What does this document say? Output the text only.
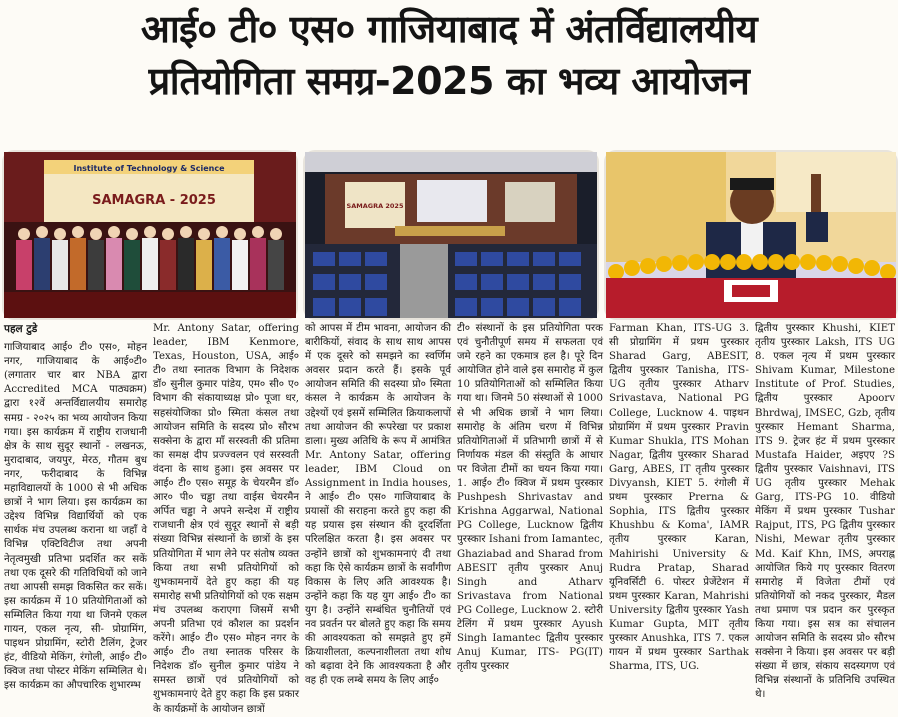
आई० टी० एस० गाजियाबाद में अंतर्विद्यालयीय
प्रतियोगिता समग्र-2025 का भव्य आयोजन
Institute of Technology & Science
SAMAGRA - 2025	SAMAGRA 2025

पहल टुडे

गाजियाबाद आई० टी० एस०, मोहन नगर, गाजियाबाद के आई०टी० (लगातार चार बार NBA द्वारा Accredited MCA पाठ्यक्रम) द्वारा १२वें अन्तर्विद्यालयीय समारोह समग्र - २०२५ का भव्य आयोजन किया गया। इस कार्यक्रम में राष्ट्रीय राजधानी क्षेत्र के साथ सुदूर स्थानों - लखनऊ, मुरादाबाद, जयपुर, मेरठ, गौतम बुध नगर, फरीदाबाद के विभिन्न महाविद्यालयों के 1000 से भी अधिक छात्रों ने भाग लिया। इस कार्यक्रम का उद्देश्य विभिन्न विद्यार्थियों को एक सार्थक मंच उपलब्ध कराना था जहाँ वे विभिन्न एक्टिविटीज तथा अपनी नेतृत्वमुखी प्रतिभा प्रदर्शित कर सकें तथा एक दूसरे की गतिविधियों को जाने तथा आपसी समझ विकसित कर सकें। इस कार्यक्रम में 10 प्रतियोगिताओं को सम्मिलित किया गया था जिनमे एकल गायन, एकल नृत्य, सी- प्रोग्रामिंग, पाइथन प्रोग्रामिंग, स्टोरी टैलिंग, ट्रेजर हंट, वीडियो मेकिंग, रंगोली, आई० टी० क्विज तथा पोस्टर मेकिंग सम्मिलित थे। इस कार्यक्रम का औपचारिक शुभारम्भ

Mr. Antony Satar, offering leader, IBM Kenmore, Texas, Houston, USA, आई० टी० तथा स्नातक विभाग के निदेशक डॉ० सुनील कुमार पांडेय, एम० सी० ए० विभाग की संकायाध्यक्ष प्रो० पूजा धर, सहसंयोजिका प्रो० स्मिता कंसल तथा आयोजन समिति के सदस्य प्रो० सौरभ सक्सेना के द्वारा माँ सरस्वती की प्रतिमा का समक्ष दीप प्रज्ज्वलन एवं सरस्वती वंदना के साथ हुआ। इस अवसर पर आई० टी० एस० समूह के चेयरमैन डॉ० आर० पी० चड्ढा तथा वाईस चेयरमैन अर्पित चड्ढा ने अपने सन्देश में राष्ट्रीय राजधानी क्षेत्र एवं सुदूर स्थानों से बड़ी संख्या विभिन्न संस्थानों के छात्रों के इस प्रतियोगिता में भाग लेने पर संतोष व्यक्त किया तथा सभी प्रतियोगियों को शुभकामनायें देते हुए कहा की यह समारोह सभी प्रतियोगियों को एक सक्षम मंच उपलब्ध कराएगा जिसमें सभी अपनी प्रतिभा एवं कौशल का प्रदर्शन करेंगे। आई० टी० एस० मोहन नगर के आई० टी० तथा स्नातक परिसर के निदेशक डॉ० सुनील कुमार पांडेय ने समस्त छात्रों एवं प्रतियोगियों को शुभकामनाएं देते हुए कहा कि इस प्रकार के कार्यक्रमों के आयोजन छात्रों

को आपस में टीम भावना, आयोजन की बारीकियों, संवाद के साथ साथ आपस में एक दूसरे को समझने का स्वर्णिम अवसर प्रदान करते हैं। इसके पूर्व आयोजन समिति की सदस्या प्रो० स्मिता कंसल ने कार्यक्रम के आयोजन के उद्देश्यों एवं इसमें सम्मिलित क्रियाकलापों तथा आयोजन की रूपरेखा पर प्रकाश डाला। मुख्य अतिथि के रूप में आमंत्रित Mr. Antony Satar, offering leader, IBM Cloud on Assignment in India houses, ने आई० टी० एस० गाजियाबाद के प्रयासों की सराहना करते हुए कहा की यह प्रयास इस संस्थान की दूरदर्शिता परिलक्षित करता है। इस अवसर पर उन्होंने छात्रों को शुभकामनाएं दी तथा कहा कि ऐसे कार्यक्रम छात्रों के सर्वांगीण विकास के लिए अति आवश्यक है। उन्होंने कहा कि यह युग आई० टी० का युग है। उन्होंने सम्बंधित चुनौतियों एवं नव प्रवर्तन पर बोलते हुए कहा कि समय की आवश्यकता को समझते हुए हमें क्रियाशीलता, कल्पनाशीलता तथा शोध को बढ़ावा देने कि आवश्यकता है और वह ही एक लम्बे समय के लिए आई०

टी० संस्थानों के इस प्रतियोगिता परक एवं चुनौतीपूर्ण समय में सफलता एवं जमे रहने का एकमात्र हल है। पूरे दिन आयोजित होने वाले इस समारोह में कुल 10 प्रतियोगिताओं को सम्मिलित किया गया था। जिनमे 50 संस्थाओं से 1000 से भी अधिक छात्रों ने भाग लिया। समारोह के अंतिम चरण में विभिन्न प्रतियोगिताओं में प्रतिभागी छात्रों में से निर्णायक मंडल की संस्तुति के आधार पर विजेता टीमों का चयन किया गया। 1. आई० टी० क्विज में प्रथम पुरस्कार Pushpesh Shrivastav and Krishna Aggarwal, National PG College, Lucknow द्वितीय पुरस्कार Ishani from Iamantec, Ghaziabad and Sharad from ABESIT तृतीय पुरस्कार Anuj Singh and Atharv Srivastava from National PG College, Lucknow 2. स्टोरी टेलिंग में प्रथम पुरस्कार Ayush Singh Iamantec द्वितीय पुरस्कार Anuj Kumar, ITS- PG(IT) तृतीय पुरस्कार

Farman Khan, ITS-UG 3. सी प्रोग्रामिंग में प्रथम पुरस्कार Sharad Garg, ABESIT, द्वितीय पुरस्कार Tanisha, ITS-UG तृतीय पुरस्कार Atharv Srivastava, National PG College, Lucknow 4. पाइथन प्रोग्रामिंग में प्रथम पुरस्कार Pravin Kumar Shukla, ITS Mohan Nagar, द्वितीय पुरस्कार Sharad Garg, ABES, IT तृतीय पुरस्कार Divyansh, KIET 5. रंगोली में प्रथम पुरस्कार Prerna & Sophia, ITS द्वितीय पुरस्कार Khushbu & Koma', IAMR तृतीय पुरस्कार Karan, Mahirishi University & Rudra Pratap, Sharad यूनिवर्सिटी 6. पोस्टर प्रेजेंटेशन में प्रथम पुरस्कार Karan, Mahrishi University द्वितीय पुरस्कार Yash Kumar Gupta, MIT तृतीय पुरस्कार Anushka, ITS 7. एकल गायन में प्रथम पुरस्कार Sarthak Sharma, ITS, UG.

द्वितीय पुरस्कार Khushi, KIET तृतीय पुरस्कार Laksh, ITS UG 8. एकल नृत्य में प्रथम पुरस्कार Shivam Kumar, Milestone Institute of Prof. Studies, द्वितीय पुरस्कार Apoorv Bhrdwaj, IMSEC, Gzb, तृतीय पुरस्कार Hemant Sharma, ITS 9. ट्रेजर हंट में प्रथम पुरस्कार Mustafa Haider, अइएए ?S द्वितीय पुरस्कार Vaishnavi, ITS UG तृतीय पुरस्कार Mehak Garg, ITS-PG 10. वीडियो मेकिंग में प्रथम पुरस्कार Tushar Rajput, ITS, PG द्वितीय पुरस्कार Nishi, Mewar तृतीय पुरस्कार Md. Kaif Khn, IMS, अपराह्न आयोजित किये गए पुरस्कार वितरण समारोह में विजेता टीमों एवं प्रतियोगियों को नकद पुरस्कार, मैडल तथा प्रमाण पत्र प्रदान कर पुरस्कृत किया गया। इस सत्र का संचालन आयोजन समिति के सदस्य प्रो० सौरभ सक्सेना ने किया। इस अवसर पर बड़ी संख्या में छात्र, संकाय सदस्यगण एवं विभिन्न संस्थानों के प्रतिनिधि उपस्थित थे।
